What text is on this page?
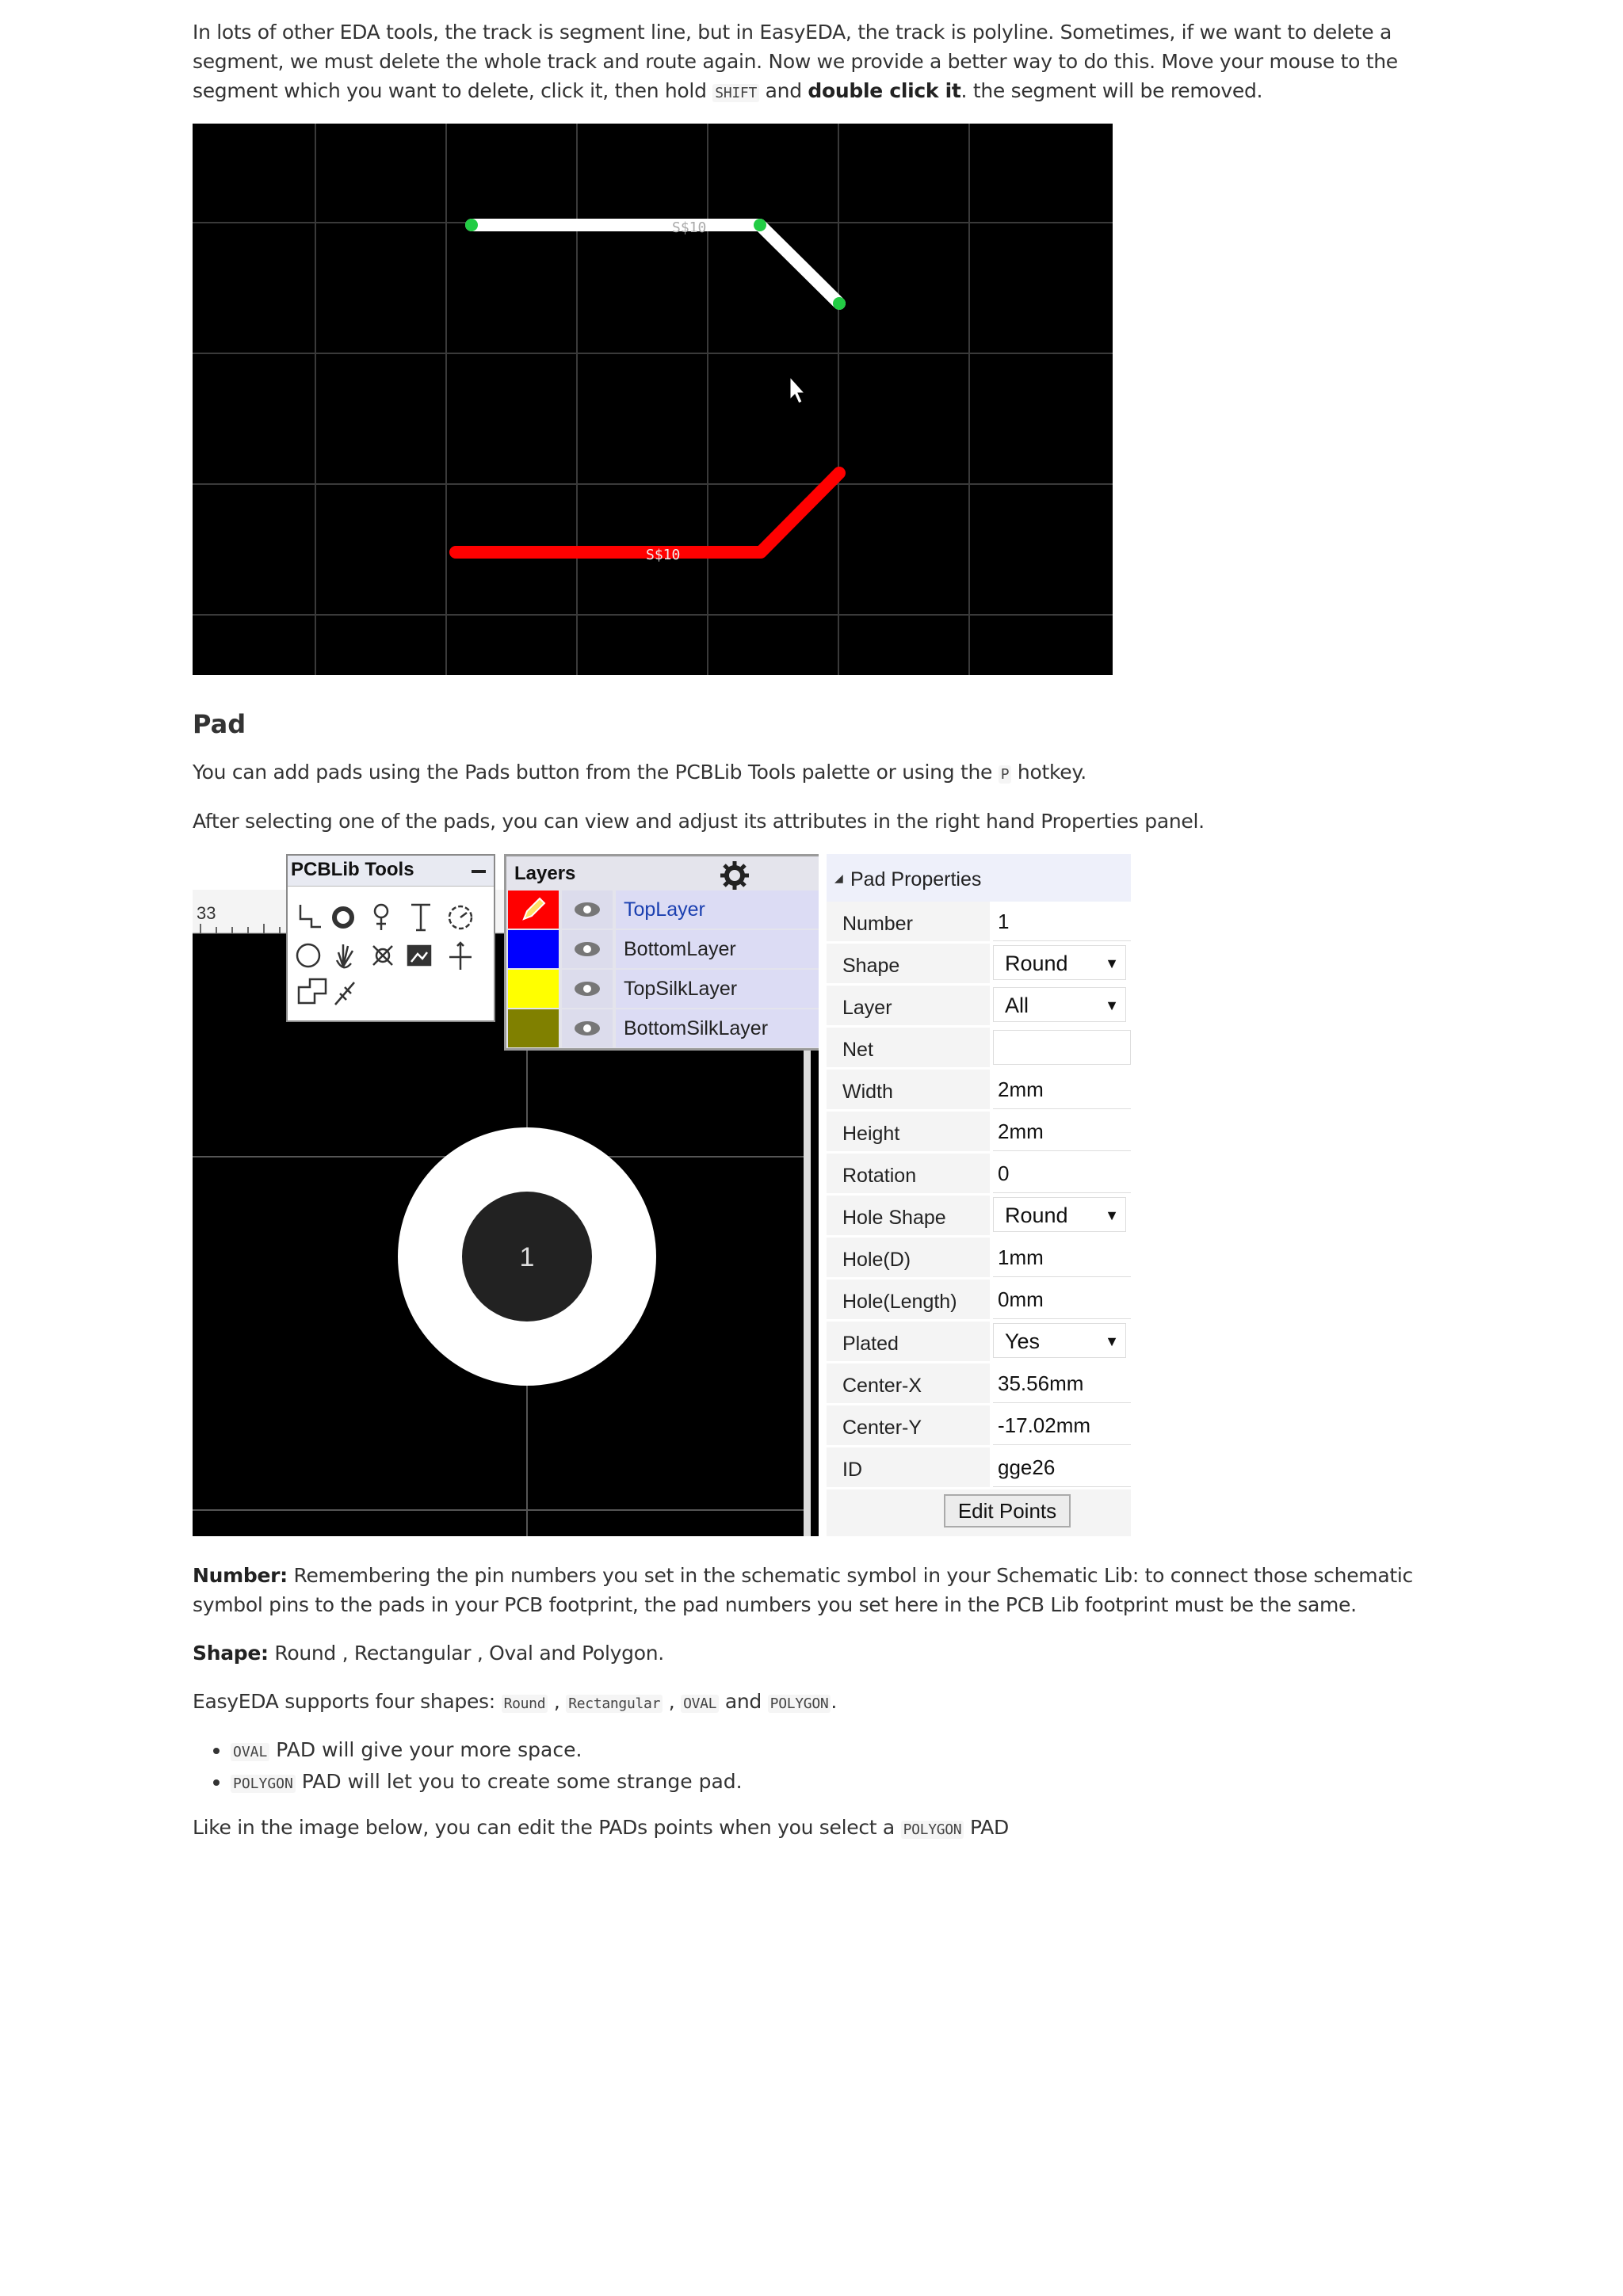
In lots of other EDA tools, the track is segment line, but in EasyEDA, the track is polyline. Sometimes, if we want to delete a segment, we must delete the whole track and route again. Now we provide a better way to do this. Move your mouse to the segment which you want to delete, click it, then hold SHIFT and double click it. the segment will be removed.

S$10
S$10
Pad

You can add pads using the Pads button from the PCBLib Tools palette or using the P hotkey.

After selecting one of the pads, you can view and adjust its attributes in the right hand Properties panel.

33
1
PCBLib Tools	Layers
TopLayer
BottomLayer
TopSilkLayer
BottomSilkLayer
◢ Pad Properties
Number	1
Shape	Round	▼
Layer	All	▼
Net
Width	2mm
Height	2mm
Rotation	0
Hole Shape	Round	▼
Hole(D)	1mm
Hole(Length)	0mm
Plated	Yes	▼
Center-X	35.56mm
Center-Y	-17.02mm
ID	gge26
Edit Points

Number: Remembering the pin numbers you set in the schematic symbol in your Schematic Lib: to connect those schematic symbol pins to the pads in your PCB footprint, the pad numbers you set here in the PCB Lib footprint must be the same.

Shape: Round , Rectangular , Oval and Polygon.

EasyEDA supports four shapes: Round , Rectangular , OVAL and POLYGON .

• OVAL PAD will give your more space.
• POLYGON PAD will let you to create some strange pad.

Like in the image below, you can edit the PADs points when you select a POLYGON PAD
